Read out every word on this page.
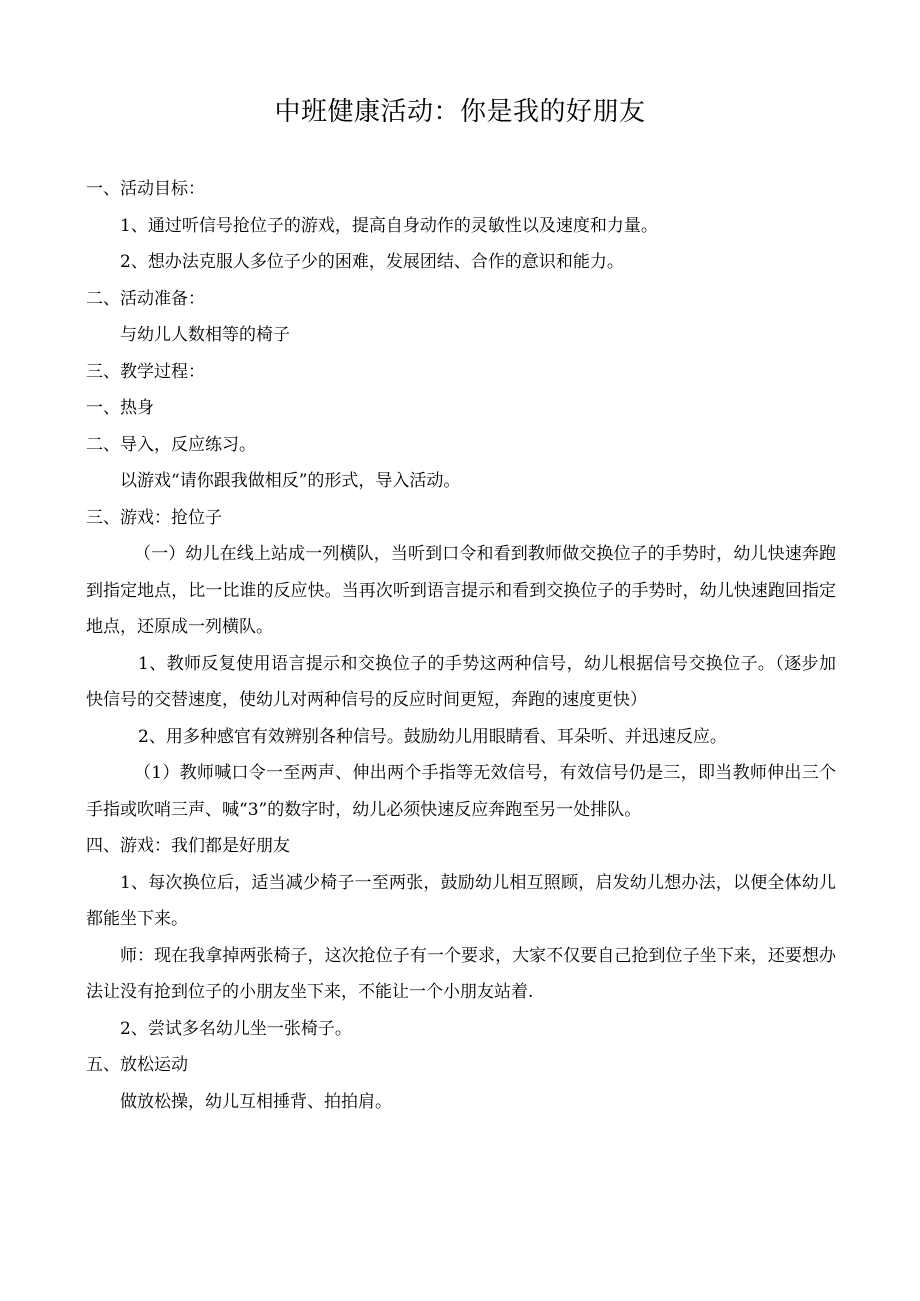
中班健康活动：你是我的好朋友
一、活动目标：
1、通过听信号抢位子的游戏，提高自身动作的灵敏性以及速度和力量。
2、想办法克服人多位子少的困难，发展团结、合作的意识和能力。
二、活动准备：
与幼儿人数相等的椅子
三、教学过程：
一、热身
二、导入，反应练习。
以游戏“请你跟我做相反”的形式，导入活动。
三、游戏：抢位子

（一）幼儿在线上站成一列横队，当听到口令和看到教师做交换位子的手势时，幼儿快速奔跑到指定地点，比一比谁的反应快。当再次听到语言提示和看到交换位子的手势时，幼儿快速跑回指定地点，还原成一列横队。

1、教师反复使用语言提示和交换位子的手势这两种信号，幼儿根据信号交换位子。（逐步加快信号的交替速度，使幼儿对两种信号的反应时间更短，奔跑的速度更快）

2、用多种感官有效辨别各种信号。鼓励幼儿用眼睛看、耳朵听、并迅速反应。

（1）教师喊口令一至两声、伸出两个手指等无效信号，有效信号仍是三，即当教师伸出三个手指或吹哨三声、喊“3”的数字时，幼儿必须快速反应奔跑至另一处排队。

四、游戏：我们都是好朋友

1、每次换位后，适当减少椅子一至两张，鼓励幼儿相互照顾，启发幼儿想办法，以便全体幼儿都能坐下来。

师：现在我拿掉两张椅子，这次抢位子有一个要求，大家不仅要自己抢到位子坐下来，还要想办法让没有抢到位子的小朋友坐下来，不能让一个小朋友站着.

2、尝试多名幼儿坐一张椅子。
五、放松运动
做放松操，幼儿互相捶背、拍拍肩。
